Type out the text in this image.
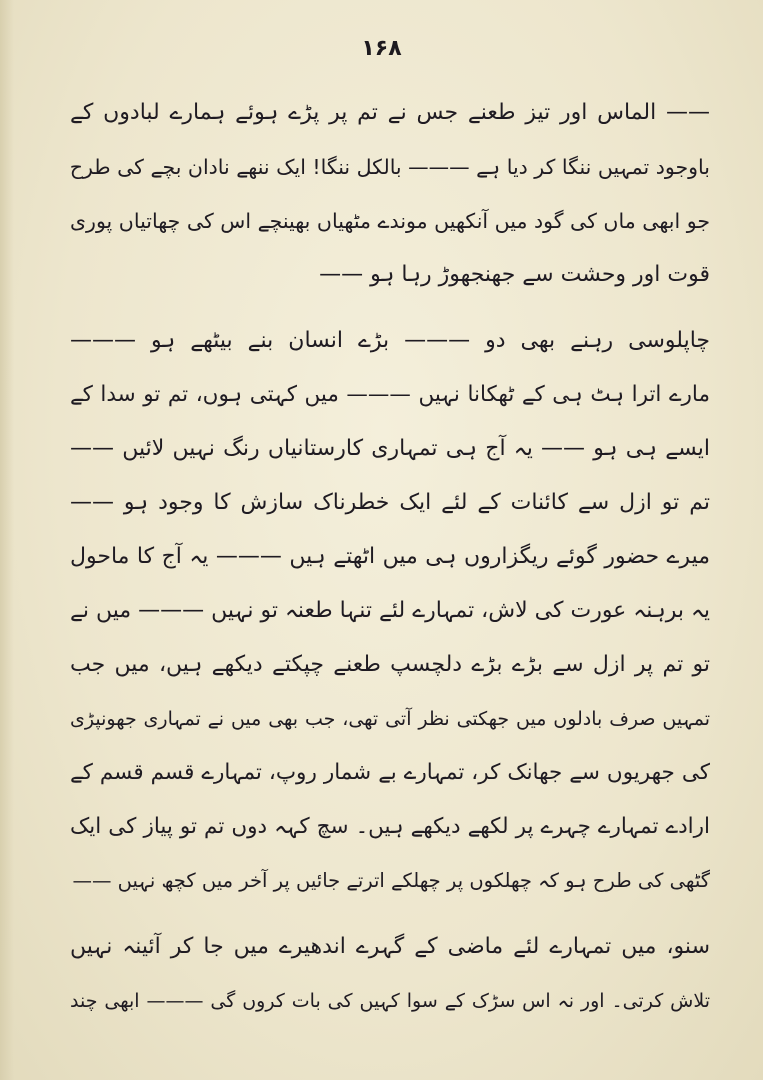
۱۶۸
—— الماس اور تیز طعنے جس نے تم پر پڑے ہوئے ہمارے لبادوں کے
باوجود تمہیں ننگا کر دیا ہے ——— بالکل ننگا! ایک ننھے نادان بچے کی طرح
جو ابھی ماں کی گود میں آنکھیں موندے مٹھیاں بھینچے اس کی چھاتیاں پوری
قوت اور وحشت سے جھنجھوڑ رہا ہو ——
چاپلوسی رہنے بھی دو ——— بڑے انسان بنے بیٹھے ہو ———
مارے اترا ہٹ ہی کے ٹھکانا نہیں ——— میں کہتی ہوں، تم تو سدا کے
ایسے ہی ہو —— یہ آج ہی تمہاری کارستانیاں رنگ نہیں لائیں ——
تم تو ازل سے کائنات کے لئے ایک خطرناک سازش کا وجود ہو ——
میرے حضور گوئے ریگزاروں ہی میں اٹھتے ہیں ——— یہ آج کا ماحول
یہ برہنہ عورت کی لاش، تمہارے لئے تنہا طعنہ تو نہیں ——— میں نے
تو تم پر ازل سے بڑے بڑے دلچسپ طعنے چپکتے دیکھے ہیں، میں جب
تمہیں صرف بادلوں میں جھکتی نظر آتی تھی، جب بھی میں نے تمہاری جھونپڑی
کی جھریوں سے جھانک کر، تمہارے بے شمار روپ، تمہارے قسم قسم کے
ارادے تمہارے چہرے پر لکھے دیکھے ہیں۔ سچ کہہ دوں تم تو پیاز کی ایک
گٹھی کی طرح ہو کہ چھلکوں پر چھلکے اترتے جائیں پر آخر میں کچھ نہیں ——
سنو، میں تمہارے لئے ماضی کے گہرے اندھیرے میں جا کر آئینہ نہیں
تلاش کرتی۔ اور نہ اس سڑک کے سوا کہیں کی بات کروں گی ——— ابھی چند
